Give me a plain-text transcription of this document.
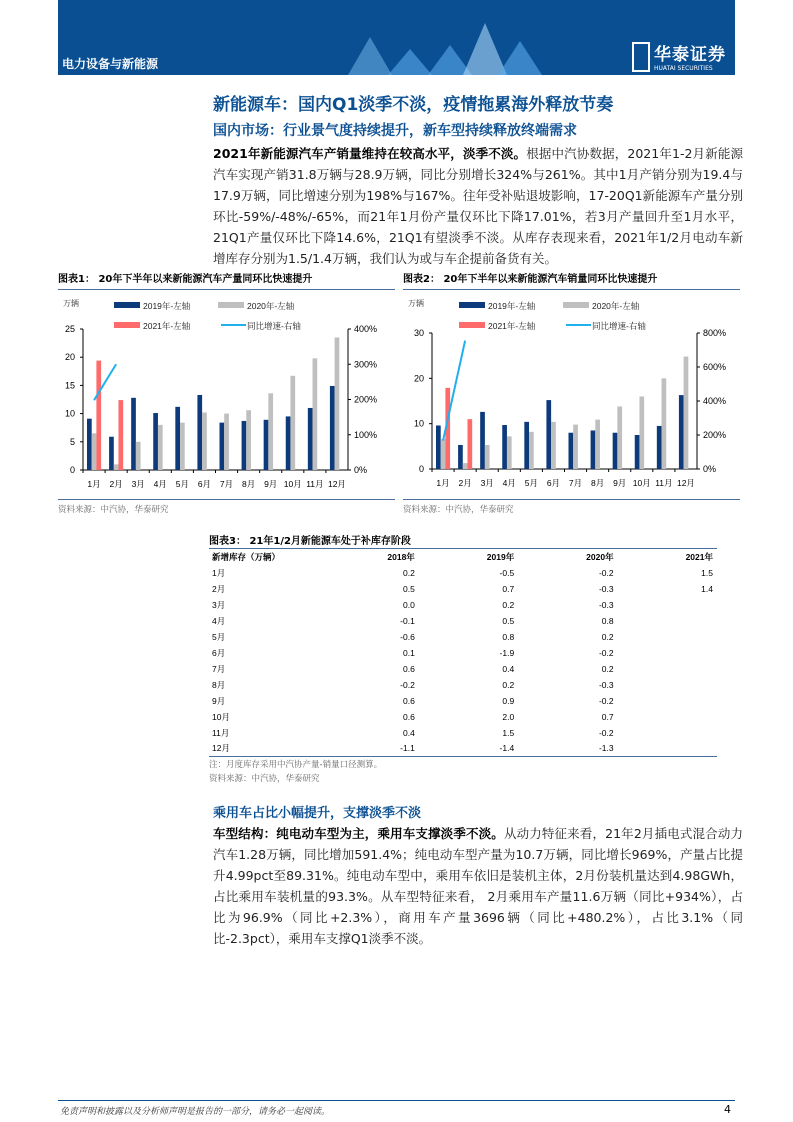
电力设备与新能源	华泰证券
HUATAI SECURITIES
新能源车：国内Q1淡季不淡，疫情拖累海外释放节奏
国内市场：行业景气度持续提升，新车型持续释放终端需求
2021年新能源汽车产销量维持在较高水平，淡季不淡。根据中汽协数据，2021年1-2月新能源汽车实现产销31.8万辆与28.9万辆，同比分别增长324%与261%。其中1月产销分别为19.4与17.9万辆，同比增速分别为198%与167%。往年受补贴退坡影响，17-20Q1新能源车产量分别环比-59%/-48%/-65%，而21年1月份产量仅环比下降17.01%，若3月产量回升至1月水平，21Q1产量仅环比下降14.6%，21Q1有望淡季不淡。从库存表现来看，2021年1/2月电动车新增库存分别为1.5/1.4万辆，我们认为或与车企提前备货有关。
图表1： 20年下半年以来新能源汽车产量同环比快速提升
万辆	2019年-左轴	2020年-左轴
2021年-左轴	同比增速-右轴
0
5
10
15
20
25
0%
100%
200%
300%
400%
1月 2月 3月 4月 5月 6月 7月 8月 9月 10月 11月 12月
资料来源：中汽协，华泰研究
图表2： 20年下半年以来新能源汽车销量同环比快速提升
万辆	2019年-左轴	2020年-左轴
2021年-左轴	同比增速-右轴
0
10
20
30
0%
200%
400%
600%
800%
1月 2月 3月 4月 5月 6月 7月 8月 9月 10月 11月 12月
资料来源：中汽协，华泰研究
图表3： 21年1/2月新能源车处于补库存阶段
新增库存（万辆）	2018年	2019年	2020年	2021年
1月	0.2	-0.5	-0.2	1.5
2月	0.5	0.7	-0.3	1.4
3月	0.0	0.2	-0.3	
4月	-0.1	0.5	0.8	
5月	-0.6	0.8	0.2	
6月	0.1	-1.9	-0.2	
7月	0.6	0.4	0.2	
8月	-0.2	0.2	-0.3	
9月	0.6	0.9	-0.2	
10月	0.6	2.0	0.7	
11月	0.4	1.5	-0.2	
12月	-1.1	-1.4	-1.3	
注：月度库存采用中汽协产量-销量口径测算。
资料来源：中汽协，华泰研究
乘用车占比小幅提升，支撑淡季不淡
车型结构：纯电动车型为主，乘用车支撑淡季不淡。从动力特征来看，21年2月插电式混合动力汽车1.28万辆，同比增加591.4%；纯电动车型产量为10.7万辆，同比增长969%，产量占比提升4.99pct至89.31%。纯电动车型中，乘用车依旧是装机主体，2月份装机量达到4.98GWh，占比乘用车装机量的93.3%。从车型特征来看， 2月乘用车产量11.6万辆（同比+934%），占比为96.9%（同比+2.3%），商用车产量3696辆（同比+480.2%），占比3.1%（同比-2.3pct），乘用车支撑Q1淡季不淡。
免责声明和披露以及分析师声明是报告的一部分，请务必一起阅读。	4
